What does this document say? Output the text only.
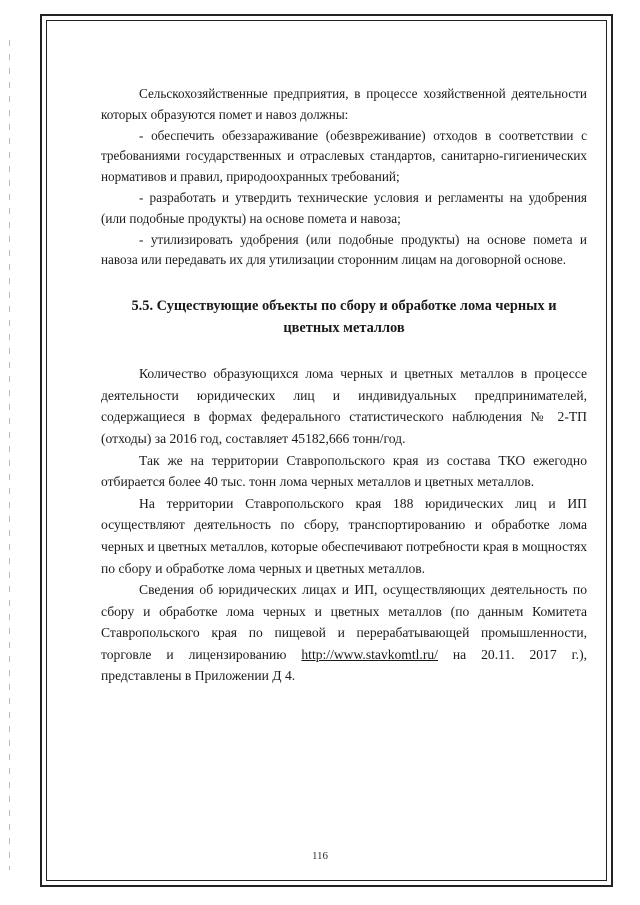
Сельскохозяйственные предприятия, в процессе хозяйственной деятельности которых образуются помет и навоз должны:

- обеспечить обеззараживание (обезвреживание) отходов в соответствии с требованиями государственных и отраслевых стандартов, санитарно-гигиенических нормативов и правил, природоохранных требований;

- разработать и утвердить технические условия и регламенты на удобрения (или подобные продукты) на основе помета и навоза;

- утилизировать удобрения (или подобные продукты) на основе помета и навоза или передавать их для утилизации сторонним лицам на договорной основе.

5.5. Существующие объекты по сбору и обработке лома черных и
цветных металлов

Количество образующихся лома черных и цветных металлов в процессе деятельности юридических лиц и индивидуальных предпринимателей, содержащиеся в формах федерального статистического наблюдения № 2-ТП (отходы) за 2016 год, составляет 45182,666 тонн/год.

Так же на территории Ставропольского края из состава ТКО ежегодно отбирается более 40 тыс. тонн лома черных металлов и цветных металлов.

На территории Ставропольского края 188 юридических лиц и ИП осуществляют деятельность по сбору, транспортированию и обработке лома черных и цветных металлов, которые обеспечивают потребности края в мощностях по сбору и обработке лома черных и цветных металлов.

Сведения об юридических лицах и ИП, осуществляющих деятельность по сбору и обработке лома черных и цветных металлов (по данным Комитета Ставропольского края по пищевой и перерабатывающей промышленности, торговле и лицензированию http://www.stavkomtl.ru/ на 20.11. 2017 г.), представлены в Приложении Д 4.

116
